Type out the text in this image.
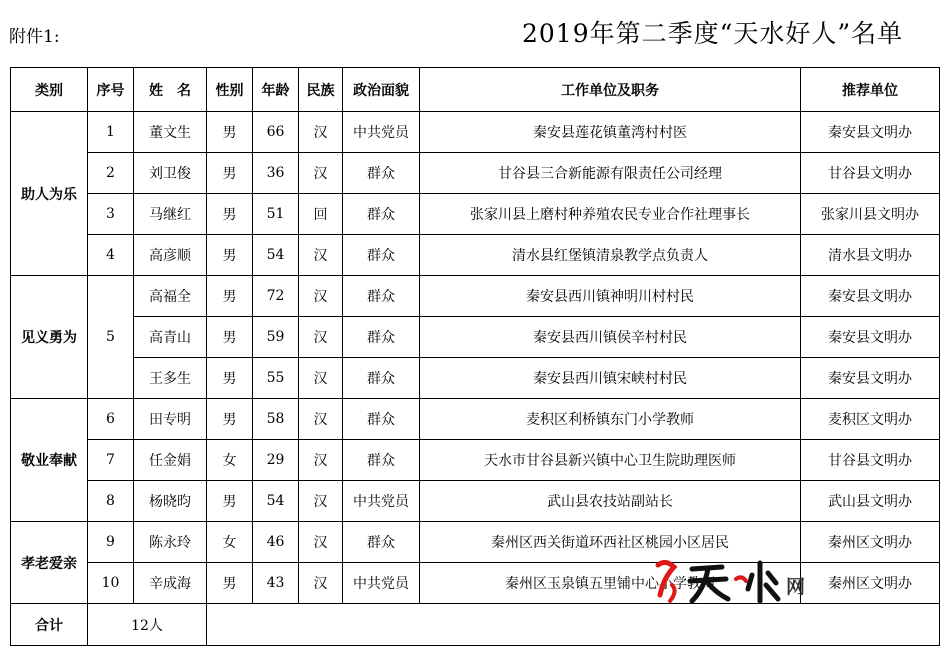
附件1:	2019年第二季度“天水好人”名单
类别	序号	姓　名	性别	年龄	民族	政治面貌	工作单位及职务	推荐单位
助人为乐	1	董文生	男	66	汉	中共党员	秦安县莲花镇董湾村村医	秦安县文明办
	2	刘卫俊	男	36	汉	群众	甘谷县三合新能源有限责任公司经理	甘谷县文明办
	3	马继红	男	51	回	群众	张家川县上磨村种养殖农民专业合作社理事长	张家川县文明办
	4	高彦顺	男	54	汉	群众	清水县红堡镇清泉教学点负责人	清水县文明办
见义勇为	5	高福全	男	72	汉	群众	秦安县西川镇神明川村村民	秦安县文明办
		高青山	男	59	汉	群众	秦安县西川镇侯辛村村民	秦安县文明办
		王多生	男	55	汉	群众	秦安县西川镇宋峡村村民	秦安县文明办
敬业奉献	6	田专明	男	58	汉	群众	麦积区利桥镇东门小学教师	麦积区文明办
	7	任金娟	女	29	汉	群众	天水市甘谷县新兴镇中心卫生院助理医师	甘谷县文明办
	8	杨晓昀	男	54	汉	中共党员	武山县农技站副站长	武山县文明办
孝老爱亲	9	陈永玲	女	46	汉	群众	秦州区西关街道环西社区桃园小区居民	秦州区文明办
	10	辛成海	男	43	汉	中共党员	秦州区玉泉镇五里铺中心小学教师	秦州区文明办
合计	12人							
网
